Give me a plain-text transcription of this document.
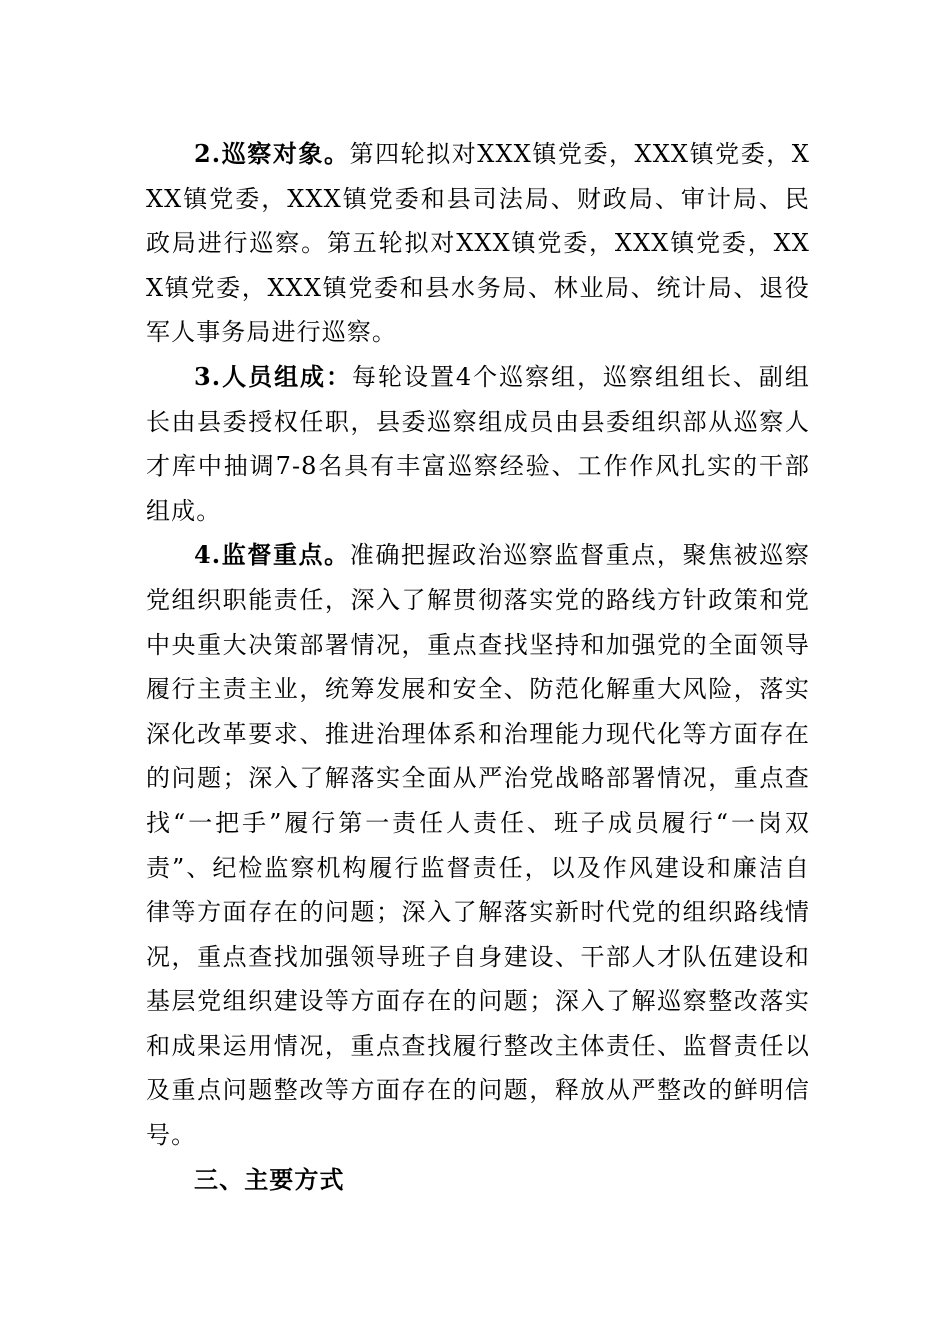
2.巡察对象。第四轮拟对XXX镇党委，XXX镇党委，XXX镇党委，XXX镇党委和县司法局、财政局、审计局、民政局进行巡察。第五轮拟对XXX镇党委，XXX镇党委，XXX镇党委，XXX镇党委和县水务局、林业局、统计局、退役军人事务局进行巡察。

3.人员组成：每轮设置4个巡察组，巡察组组长、副组长由县委授权任职，县委巡察组成员由县委组织部从巡察人才库中抽调7-8名具有丰富巡察经验、工作作风扎实的干部组成。

4.监督重点。准确把握政治巡察监督重点，聚焦被巡察党组织职能责任，深入了解贯彻落实党的路线方针政策和党中央重大决策部署情况，重点查找坚持和加强党的全面领导履行主责主业，统筹发展和安全、防范化解重大风险，落实深化改革要求、推进治理体系和治理能力现代化等方面存在的问题；深入了解落实全面从严治党战略部署情况，重点查找“一把手”履行第一责任人责任、班子成员履行“一岗双责”、纪检监察机构履行监督责任，以及作风建设和廉洁自律等方面存在的问题；深入了解落实新时代党的组织路线情况，重点查找加强领导班子自身建设、干部人才队伍建设和基层党组织建设等方面存在的问题；深入了解巡察整改落实和成果运用情况，重点查找履行整改主体责任、监督责任以及重点问题整改等方面存在的问题，释放从严整改的鲜明信号。

三、主要方式
